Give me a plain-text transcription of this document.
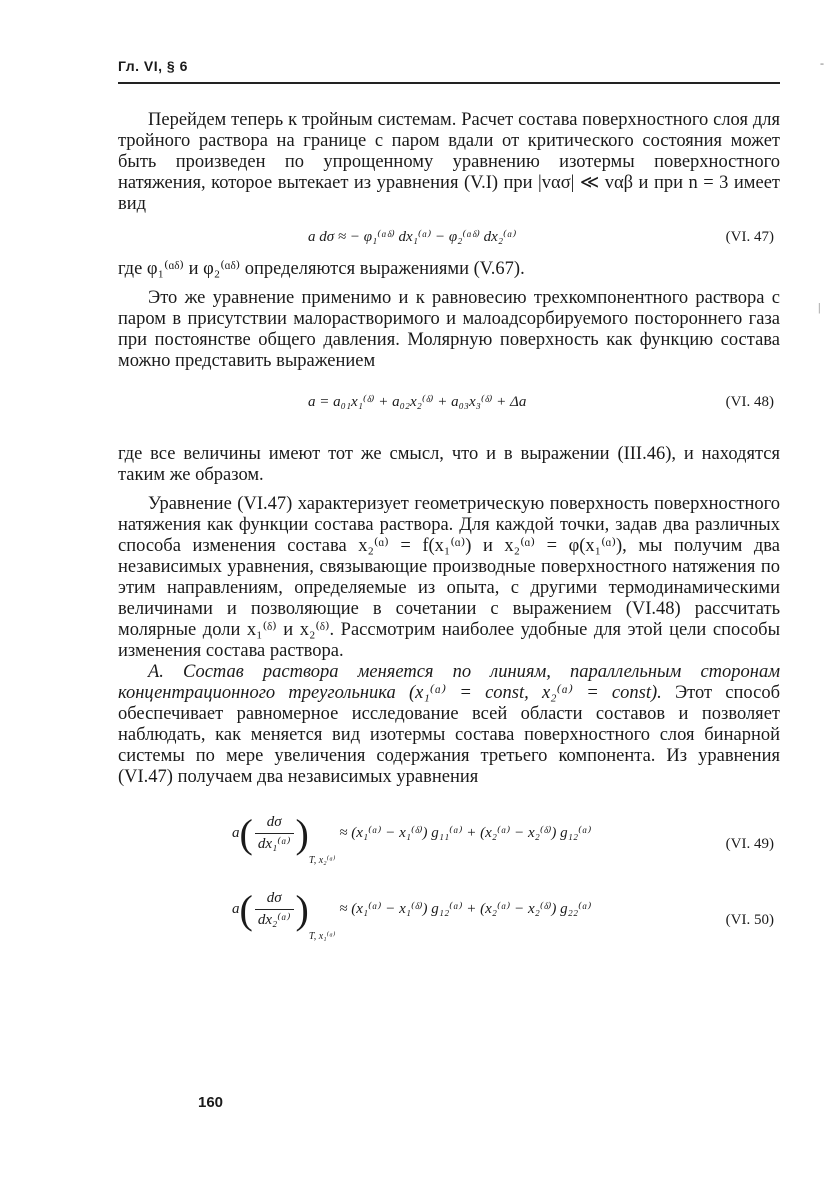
Гл. VI, § 6

Перейдем теперь к тройным системам. Расчет состава поверхностного слоя для тройного раствора на границе с паром вдали от критического состояния может быть произведен по упрощенному уравнению изотермы поверхностного натяжения, которое вытекает из уравнения (V.I) при |vασ| ≪ vαβ и при n = 3 имеет вид

a dσ ≈ − φ₁⁽ᵅᵟ⁾ dx₁⁽ᵅ⁾ − φ₂⁽ᵅᵟ⁾ dx₂⁽ᵅ⁾	(VI. 47)

где φ₁⁽ᵅᵟ⁾ и φ₂⁽ᵅᵟ⁾ определяются выражениями (V.67).

Это же уравнение применимо и к равновесию трехкомпонентного раствора с паром в присутствии малорастворимого и малоадсорбируемого постороннего газа при постоянстве общего давления. Молярную поверхность как функцию состава можно представить выражением

a = a₀₁x₁⁽ᵟ⁾ + a₀₂x₂⁽ᵟ⁾ + a₀₃x₃⁽ᵟ⁾ + Δa	(VI. 48)

где все величины имеют тот же смысл, что и в выражении (III.46), и находятся таким же образом.

Уравнение (VI.47) характеризует геометрическую поверхность поверхностного натяжения как функции состава раствора. Для каждой точки, задав два различных способа изменения состава x₂⁽ᵅ⁾ = f(x₁⁽ᵅ⁾) и x₂⁽ᵅ⁾ = φ(x₁⁽ᵅ⁾), мы получим два независимых уравнения, связывающие производные поверхностного натяжения по этим направлениям, определяемые из опыта, с другими термодинамическими величинами и позволяющие в сочетании с выражением (VI.48) рассчитать молярные доли x₁⁽ᵟ⁾ и x₂⁽ᵟ⁾. Рассмотрим наиболее удобные для этой цели способы изменения состава раствора.

А. Состав раствора меняется по линиям, параллельным сторонам концентрационного треугольника (x₁⁽ᵅ⁾ = const, x₂⁽ᵅ⁾ = const). Этот способ обеспечивает равномерное исследование всей области составов и позволяет наблюдать, как меняется вид изотермы состава поверхностного слоя бинарной системы по мере увеличения содержания третьего компонента. Из уравнения (VI.47) получаем два независимых уравнения

$a( \frac{d\sigma}{\text{dx₁⁽ᵅ⁾}} )_{T, x_2^(ᵅ^)}$ ≈ (x₁⁽ᵅ⁾ − x₁⁽ᵟ⁾) g₁₁⁽ᵅ⁾ + (x₂⁽ᵅ⁾ − x₂⁽ᵟ⁾) g₁₂⁽ᵅ⁾
(VI. 49)
$a( \frac{d\sigma}{\text{dx₂⁽ᵅ⁾}} )_{T, x_1^(ᵅ^)}$ ≈ (x₁⁽ᵅ⁾ − x₁⁽ᵟ⁾) g₁₂⁽ᵅ⁾ + (x₂⁽ᵅ⁾ − x₂⁽ᵟ⁾) g₂₂⁽ᵅ⁾
(VI. 50)
160
-
|
